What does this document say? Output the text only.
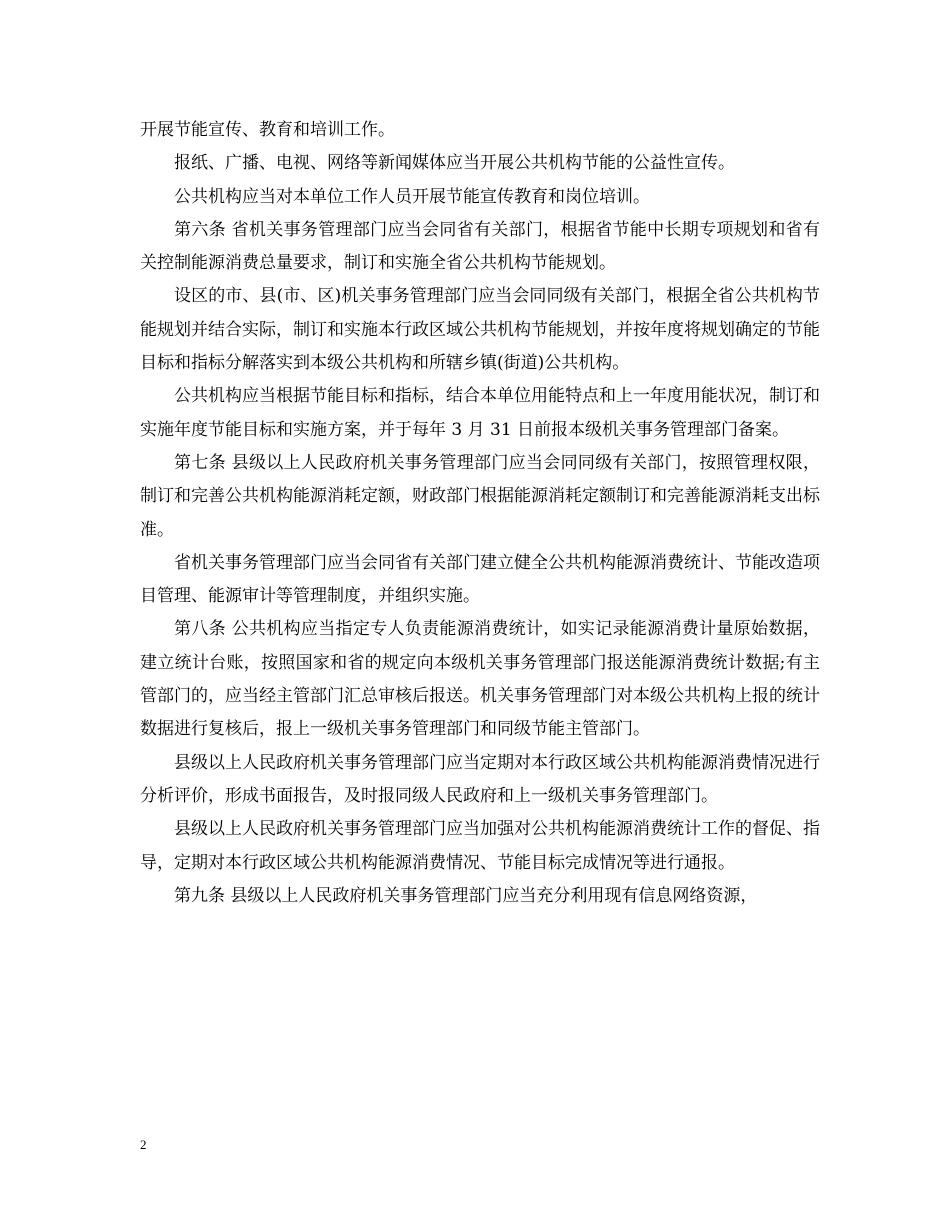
开展节能宣传、教育和培训工作。

报纸、广播、电视、网络等新闻媒体应当开展公共机构节能的公益性宣传。

公共机构应当对本单位工作人员开展节能宣传教育和岗位培训。

第六条 省机关事务管理部门应当会同省有关部门，根据省节能中长期专项规划和省有关控制能源消费总量要求，制订和实施全省公共机构节能规划。

设区的市、县(市、区)机关事务管理部门应当会同同级有关部门，根据全省公共机构节能规划并结合实际，制订和实施本行政区域公共机构节能规划，并按年度将规划确定的节能目标和指标分解落实到本级公共机构和所辖乡镇(街道)公共机构。

公共机构应当根据节能目标和指标，结合本单位用能特点和上一年度用能状况，制订和实施年度节能目标和实施方案，并于每年 3 月 31 日前报本级机关事务管理部门备案。

第七条 县级以上人民政府机关事务管理部门应当会同同级有关部门，按照管理权限，制订和完善公共机构能源消耗定额，财政部门根据能源消耗定额制订和完善能源消耗支出标准。

省机关事务管理部门应当会同省有关部门建立健全公共机构能源消费统计、节能改造项目管理、能源审计等管理制度，并组织实施。

第八条 公共机构应当指定专人负责能源消费统计，如实记录能源消费计量原始数据，建立统计台账，按照国家和省的规定向本级机关事务管理部门报送能源消费统计数据;有主管部门的，应当经主管部门汇总审核后报送。机关事务管理部门对本级公共机构上报的统计数据进行复核后，报上一级机关事务管理部门和同级节能主管部门。

县级以上人民政府机关事务管理部门应当定期对本行政区域公共机构能源消费情况进行分析评价，形成书面报告，及时报同级人民政府和上一级机关事务管理部门。

县级以上人民政府机关事务管理部门应当加强对公共机构能源消费统计工作的督促、指导，定期对本行政区域公共机构能源消费情况、节能目标完成情况等进行通报。

第九条 县级以上人民政府机关事务管理部门应当充分利用现有信息网络资源，

2
